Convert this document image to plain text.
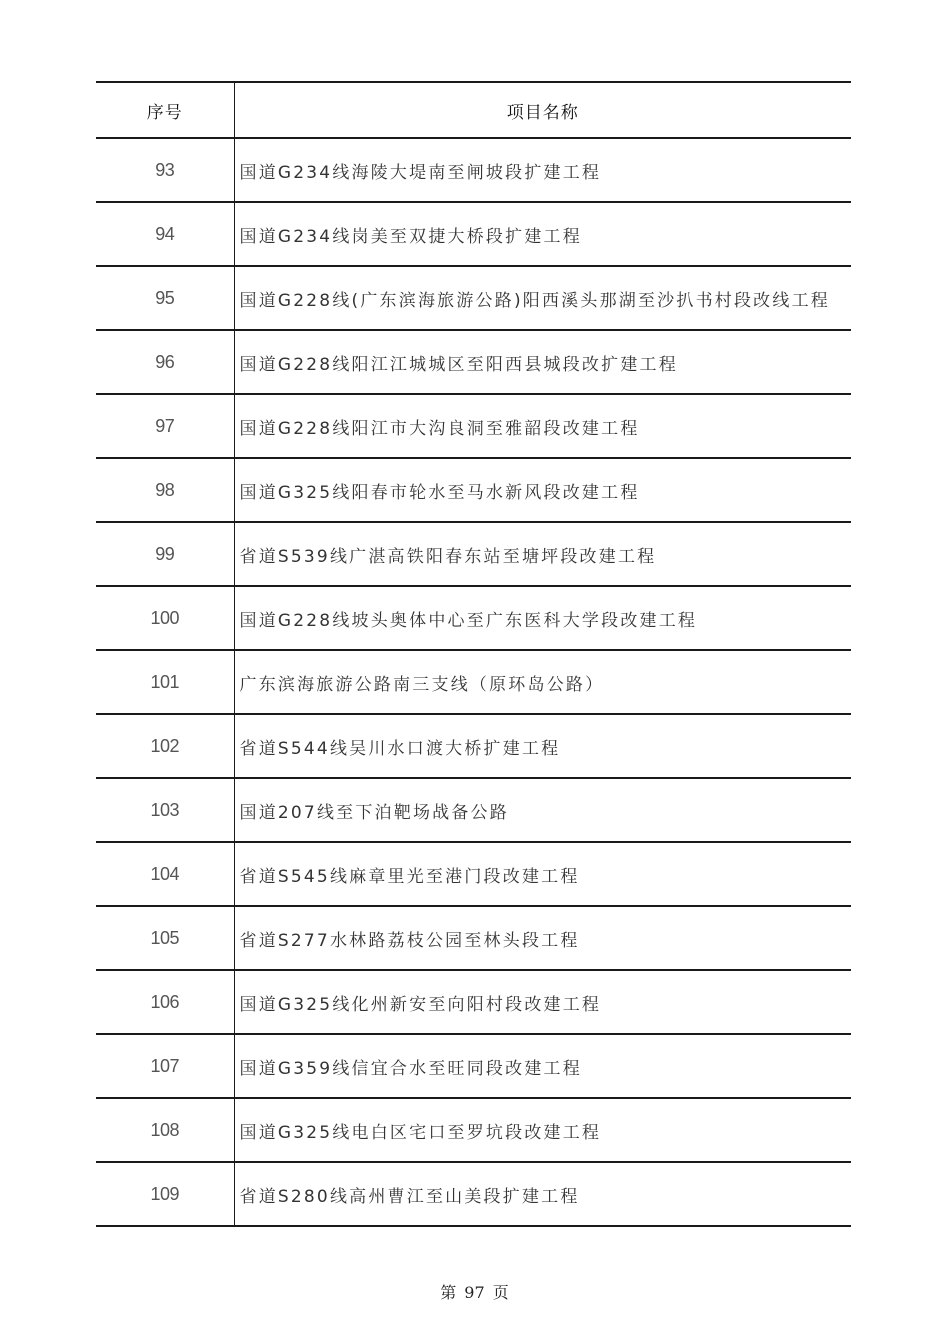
序号	项目名称
93	国道G234线海陵大堤南至闸坡段扩建工程
94	国道G234线岗美至双捷大桥段扩建工程
95	国道G228线(广东滨海旅游公路)阳西溪头那湖至沙扒书村段改线工程
96	国道G228线阳江江城城区至阳西县城段改扩建工程
97	国道G228线阳江市大沟良洞至雅韶段改建工程
98	国道G325线阳春市轮水至马水新风段改建工程
99	省道S539线广湛高铁阳春东站至塘坪段改建工程
100	国道G228线坡头奥体中心至广东医科大学段改建工程
101	广东滨海旅游公路南三支线（原环岛公路）
102	省道S544线吴川水口渡大桥扩建工程
103	国道207线至下泊靶场战备公路
104	省道S545线麻章里光至港门段改建工程
105	省道S277水林路荔枝公园至林头段工程
106	国道G325线化州新安至向阳村段改建工程
107	国道G359线信宜合水至旺同段改建工程
108	国道G325线电白区宅口至罗坑段改建工程
109	省道S280线高州曹江至山美段扩建工程
第 97 页
